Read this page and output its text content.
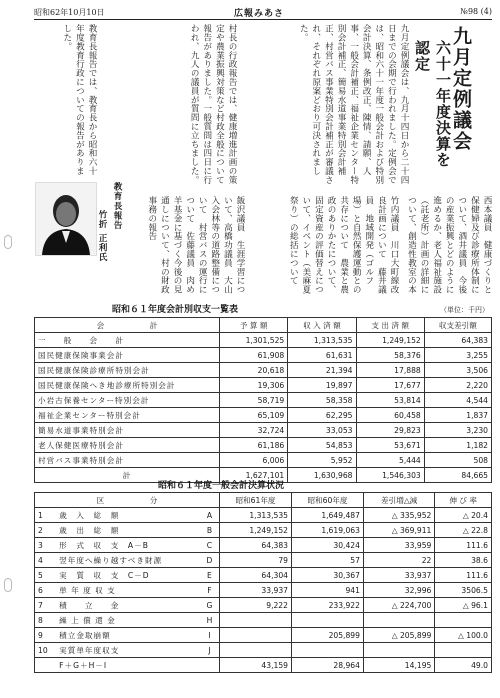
昭和62年10月10日	広報みあさ	№98 (4)
九月定例議会
六十一年度決算を認定
九月定例議会は、九月十四日から二十四日までの会期で行われました。定例会では、昭和六十一年度一般会計および特別会計決算、条例改正、陳情、請願、人事、一般会計補正、福祉企業センター特別会計補正、簡易水道事業特別会計補正、村営バス事業特別会計補正が審議され、それぞれ原案どおり可決されました。
村長の行政報告では、健康増進計画の策定や農業振興対策など村政全般について報告がありました。一般質問は四日に行われ、九人の議員が質問に立ちました。
教育長報告では、教育長から昭和六十年度教育行政についての報告がありました。
竹内議員　川口大町線改良計画について　藤井議員　地域開発（ゴルフ場）と自然保護運動との共存について　農業と農政のありかたについて、固定資産の評価替えについて、イベント（美麻夏祭り）の総括について	西本議員　健康づくりと保健婦及び診療所体制について、酒井議員　今後の産業振興とどのように進めるか、老人福祉施設（託老所）計画の詳細について、創造性教室の本
飯沢議員　生涯学習について、高橋功議員　大山入会林等の道路整備について　村営バスの運行について　佐藤議員　肉め羊基金に基づく今後の見通しについて、村の財政事務の報告
教育長報告
竹折 正利氏
昭和６１年度会計別収支一覧表	（単位：千円）
会　　　　　　計	予 算 額	収 入 済 額	支 出 済 額	収支差引額
一　　般　　会　　計	1,301,525	1,313,535	1,249,152	64,383
国民健康保険事業会計	61,908	61,631	58,376	3,255
国民健康保険診療所特別会計	20,618	21,394	17,888	3,506
国民健康保険へき地診療所特別会計	19,306	19,897	17,677	2,220
小岩古保養センター特別会計	58,719	58,358	53,814	4,544
福祉企業センター特別会計	65,109	62,295	60,458	1,837
簡易水道事業特別会計	32,724	33,053	29,823	3,230
老人保健医療特別会計	61,186	54,853	53,671	1,182
村営バス事業特別会計	6,006	5,952	5,444	508
計	1,627,101	1,630,968	1,546,303	84,665
昭和６１年度一般会計決算状況
区　　　　　　分			昭和61年度	昭和60年度	差引増△減	伸 び 率
1	歳　入　総　額	A	1,313,535	1,649,487	△ 335,952	△ 20.4
2	歳　出　総　額	B	1,249,152	1,619,063	△ 369,911	△ 22.8
3	形　式　収　支　A－B	C	64,383	30,424	33,959	111.6
4	翌年度へ繰り越すべき財源	D	79	57	22	38.6
5	実　質　収　支　C－D	E	64,304	30,367	33,937	111.6
6	単 年 度 収 支	F	33,937	941	32,996	3506.5
7	積　　立　　金	G	9,222	233,922	△ 224,700	△ 96.1
8	繰 上 償 還 金	H				
9	積立金取崩額	I		205,899	△ 205,899	△ 100.0
10	実質単年度収支	J				
	F＋G＋H－I		43,159	28,964	14,195	49.0
